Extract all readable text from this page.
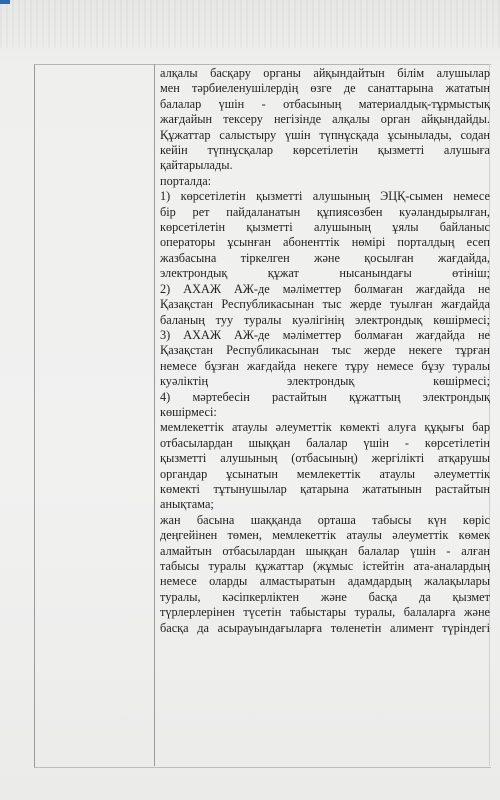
алқалы басқару органы айқындайтын білім алушылар
мен тәрбиеленушілердің өзге де санаттарына жататын
балалар үшін - отбасының материалдық-тұрмыстық
жағдайын тексеру негізінде алқалы орган айқындайды.
Құжаттар салыстыру үшін түпнұсқада ұсынылады, содан
кейін түпнұсқалар көрсетілетін қызметті алушыға
қайтарылады.
порталда:
1) көрсетілетін қызметті алушының ЭЦҚ-сымен немесе
бір рет пайдаланатын құпиясөзбен куәландырылған,
көрсетілетін қызметті алушының ұялы байланыс
операторы ұсынған абоненттік нөмірі порталдың есеп
жазбасына тіркелген және қосылған жағдайда,
электрондық құжат нысанындағы өтініш;
2) АХАЖ АЖ-де мәліметтер болмаған жағдайда не
Қазақстан Республикасынан тыс жерде туылған жағдайда
баланың туу туралы куәлігінің электрондық көшірмесі;
3) АХАЖ АЖ-де мәліметтер болмаған жағдайда не
Қазақстан Республикасынан тыс жерде некеге тұрған
немесе бұзған жағдайда некеге тұру немесе бұзу туралы
куәліктің электрондық көшірмесі;
4) мәртебесін растайтын құжаттың электрондық
көшірмесі:
мемлекеттік атаулы әлеуметтік көмекті алуға құқығы бар
отбасылардан шыққан балалар үшін - көрсетілетін
қызметті алушының (отбасының) жергілікті атқарушы
органдар ұсынатын мемлекеттік атаулы әлеуметтік
көмекті тұтынушылар қатарына жататынын растайтын
анықтама;
жан басына шаққанда орташа табысы күн көріс
деңгейінен төмен, мемлекеттік атаулы әлеуметтік көмек
алмайтын отбасылардан шыққан балалар үшін - алған
табысы туралы құжаттар (жұмыс істейтін ата-аналардың
немесе оларды алмастыратын адамдардың жалақылары
туралы, кәсіпкерліктен және басқа да қызмет
түрлерлерінен түсетін табыстары туралы, балаларға және
басқа да асырауындағыларға төленетін алимент түріндегі
